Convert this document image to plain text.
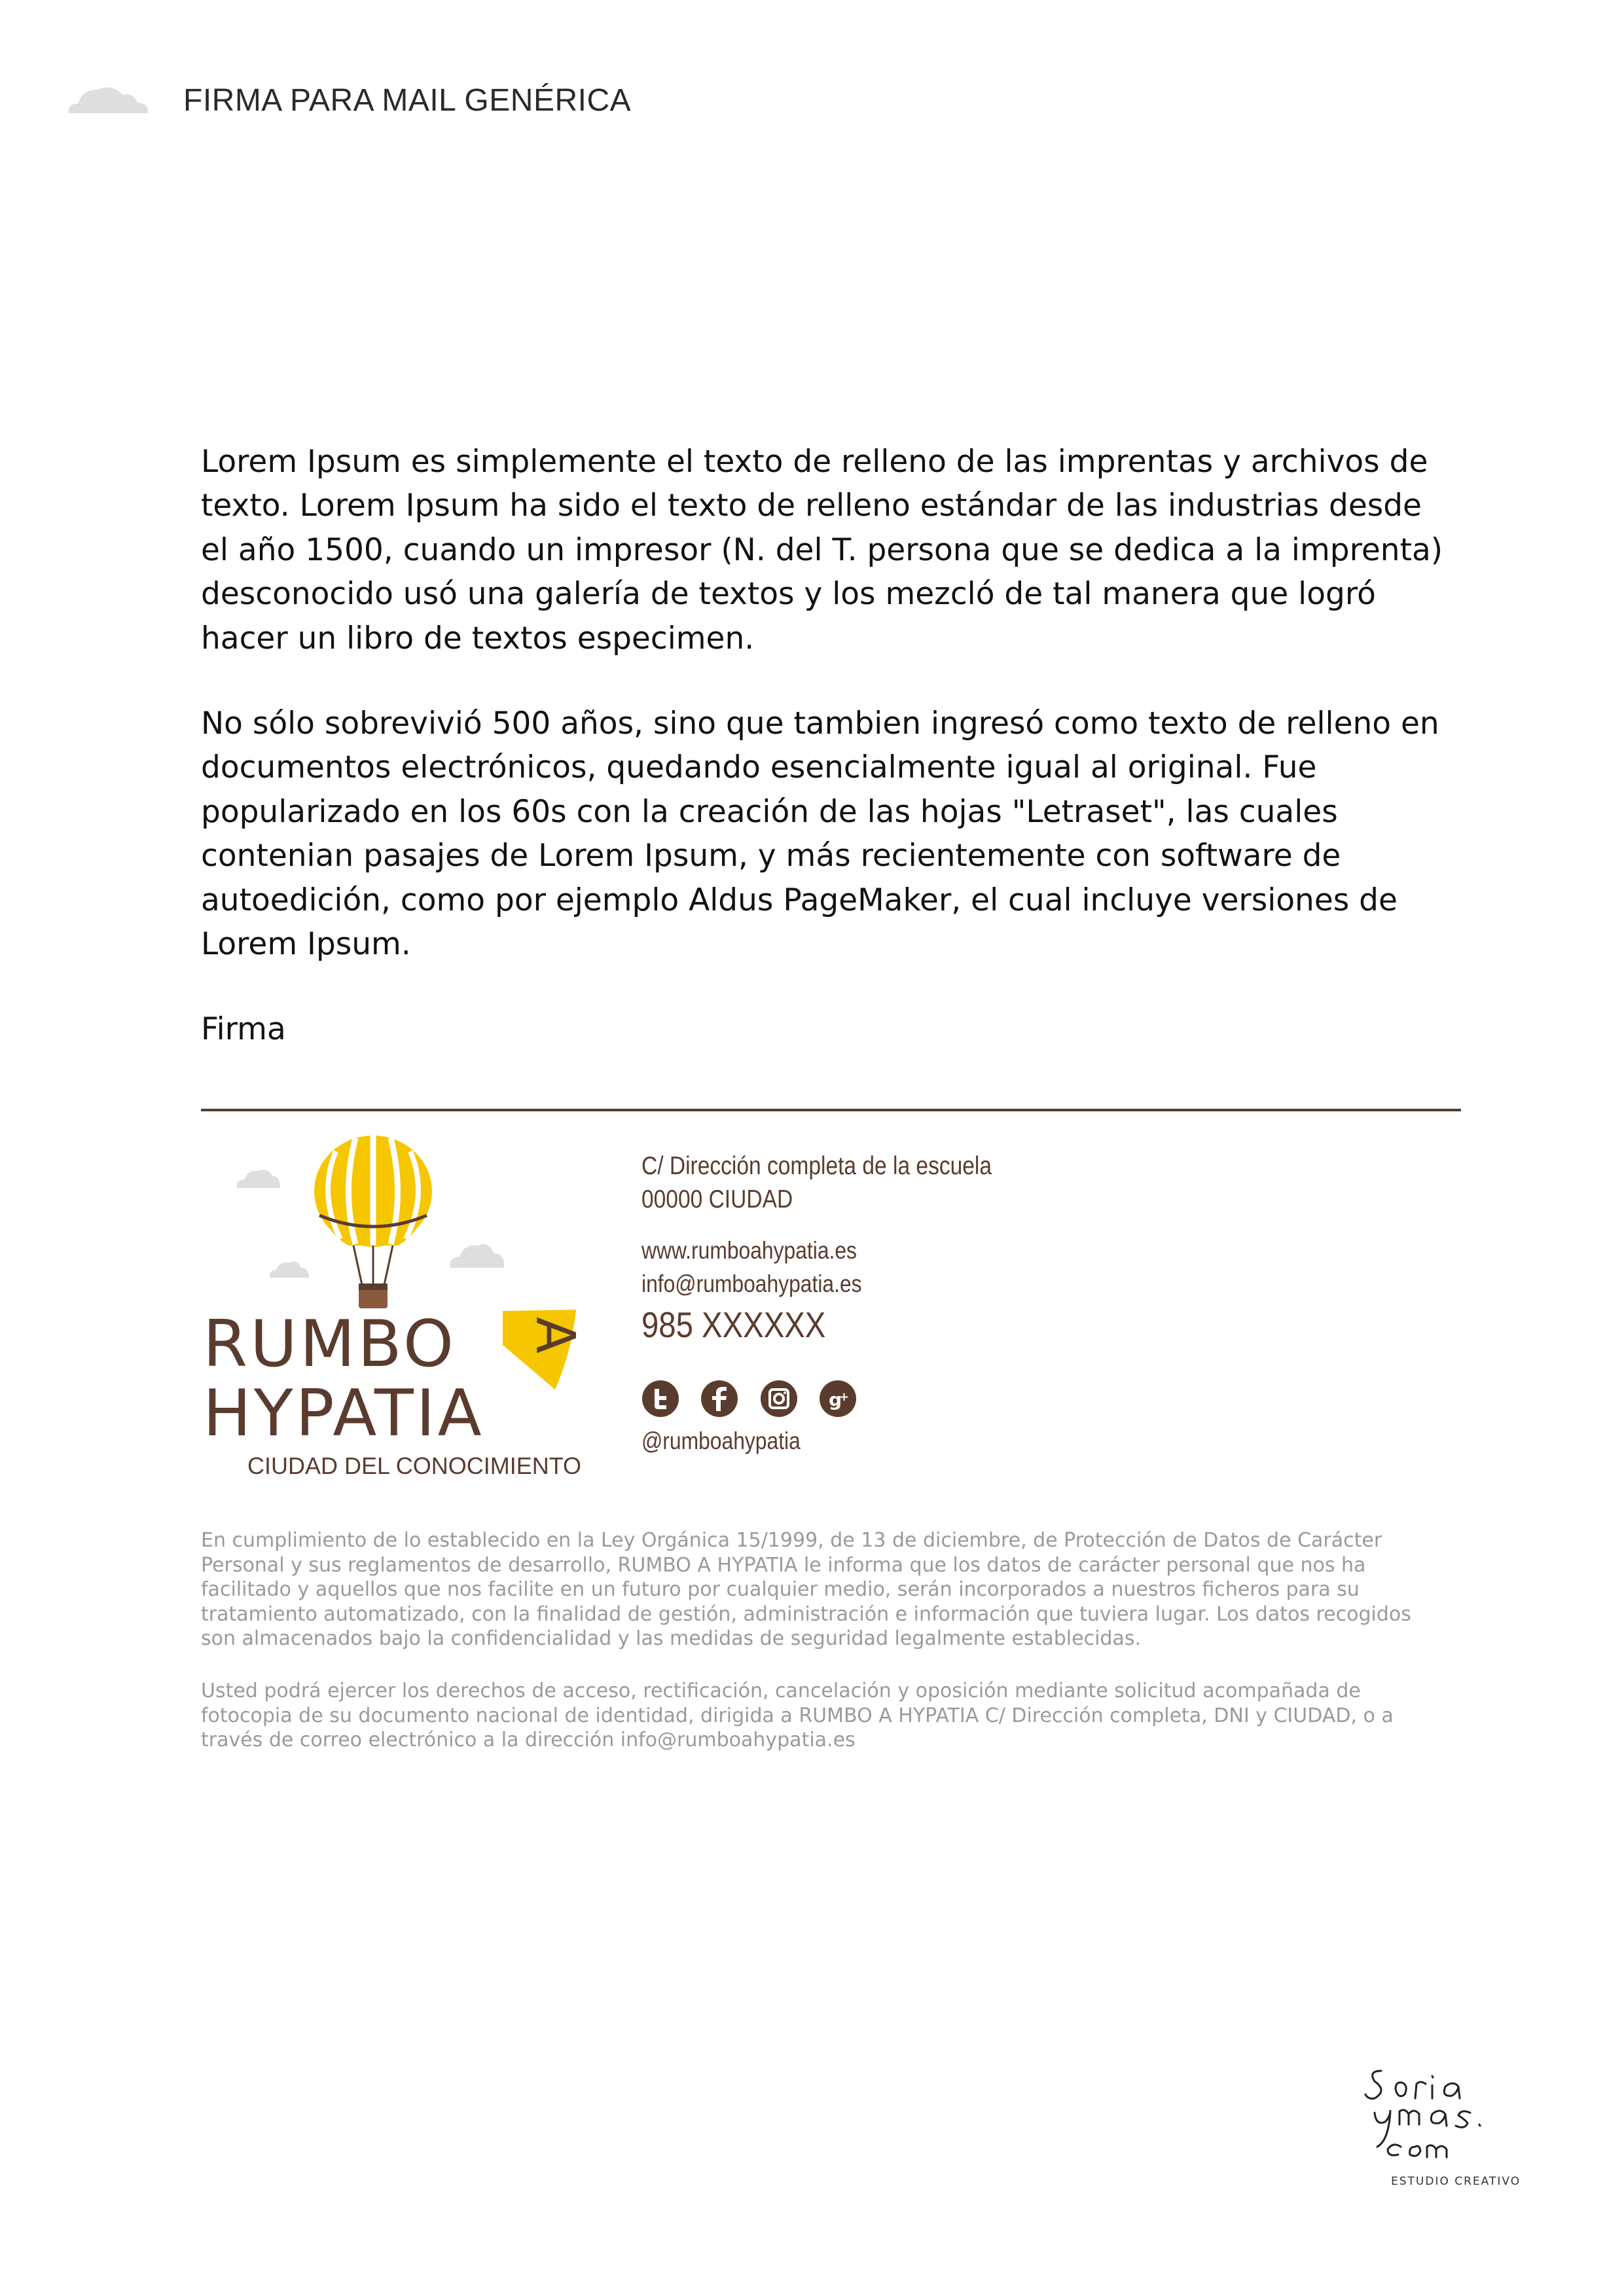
FIRMA PARA MAIL GENÉRICA

Lorem Ipsum es simplemente el texto de relleno de las imprentas y archivos de texto. Lorem Ipsum ha sido el texto de relleno estándar de las industrias desde el año 1500, cuando un impresor (N. del T. persona que se dedica a la imprenta) desconocido usó una galería de textos y los mezcló de tal manera que logró hacer un libro de textos especimen.

No sólo sobrevivió 500 años, sino que tambien ingresó como texto de relleno en documentos electrónicos, quedando esencialmente igual al original. Fue popularizado en los 60s con la creación de las hojas "Letraset", las cuales contenian pasajes de Lorem Ipsum, y más recientemente con software de autoedición, como por ejemplo Aldus PageMaker, el cual incluye versiones de Lorem Ipsum.

Firma

A
RUMBO
HYPATIA
CIUDAD DEL CONOCIMIENTO
C/ Dirección completa de la escuela
00000 CIUDAD
www.rumboahypatia.es
info@rumboahypatia.es
985 XXXXXX
g
+
@rumboahypatia
En cumplimiento de lo establecido en la Ley Orgánica 15/1999, de 13 de diciembre, de Protección de Datos de Carácter Personal y sus reglamentos de desarrollo, RUMBO A HYPATIA le informa que los datos de carácter personal que nos ha facilitado y aquellos que nos facilite en un futuro por cualquier medio, serán incorporados a nuestros ficheros para su tratamiento automatizado, con la finalidad de gestión, administración e información que tuviera lugar. Los datos recogidos son almacenados bajo la confidencialidad y las medidas de seguridad legalmente establecidas.
Usted podrá ejercer los derechos de acceso, rectificación, cancelación y oposición mediante solicitud acompañada de fotocopia de su documento nacional de identidad, dirigida a RUMBO A HYPATIA C/ Dirección completa, DNI y CIUDAD, o a través de correo electrónico a la dirección info@rumboahypatia.es
ESTUDIO CREATIVO
